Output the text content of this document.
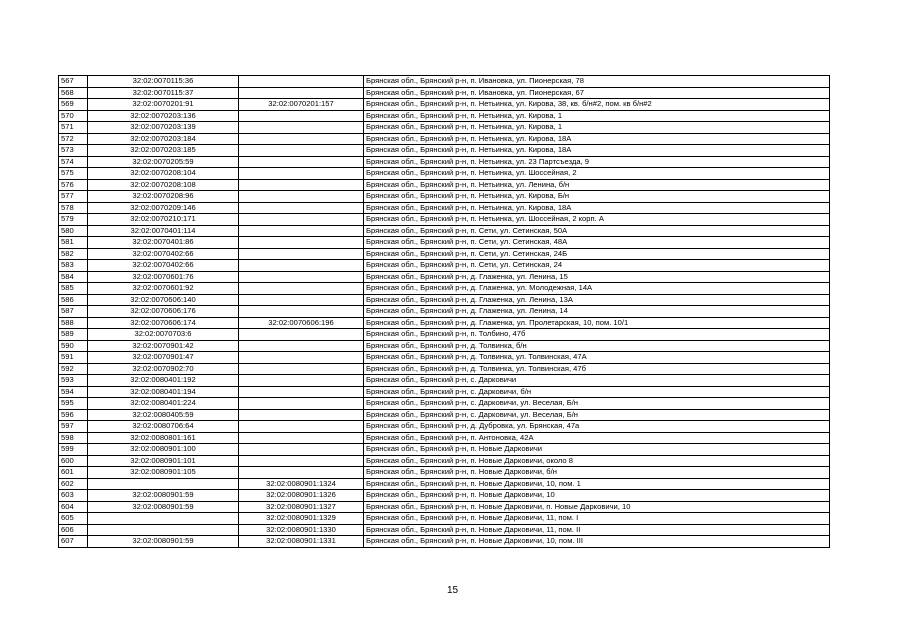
567	32:02:0070115:36		Брянская обл., Брянский р-н, п. Ивановка, ул. Пионерская, 78
568	32:02:0070115:37		Брянская обл., Брянский р-н, п. Ивановка, ул. Пионерская, 67
569	32:02:0070201:91	32:02:0070201:157	Брянская обл., Брянский р-н, п. Нетьинка, ул. Кирова, 38, кв. б/н#2, пом. кв б/н#2
570	32:02:0070203:136		Брянская обл., Брянский р-н, п. Нетьинка, ул. Кирова, 1
571	32:02:0070203:139		Брянская обл., Брянский р-н, п. Нетьинка, ул. Кирова, 1
572	32:02:0070203:184		Брянская обл., Брянский р-н, п. Нетьинка, ул. Кирова, 18А
573	32:02:0070203:185		Брянская обл., Брянский р-н, п. Нетьинка, ул. Кирова, 18А
574	32:02:0070205:59		Брянская обл., Брянский р-н, п. Нетьинка, ул. 23 Партсъезда, 9
575	32:02:0070208:104		Брянская обл., Брянский р-н, п. Нетьинка, ул. Шоссейная, 2
576	32:02:0070208:108		Брянская обл., Брянский р-н, п. Нетьинка, ул. Ленина, б/н
577	32:02:0070208:96		Брянская обл., Брянский р-н, п. Нетьинка, ул. Кирова, Б/н
578	32:02:0070209:146		Брянская обл., Брянский р-н, п. Нетьинка, ул. Кирова, 18А
579	32:02:0070210:171		Брянская обл., Брянский р-н, п. Нетьинка, ул. Шоссейная, 2 корп. А
580	32:02:0070401:114		Брянская обл., Брянский р-н, п. Сети, ул. Сетинская, 50А
581	32:02:0070401:86		Брянская обл., Брянский р-н, п. Сети, ул. Сетинская, 48А
582	32:02:0070402:66		Брянская обл., Брянский р-н, п. Сети, ул. Сетинская, 24Б
583	32:02:0070402:66		Брянская обл., Брянский р-н, п. Сети, ул. Сетинская, 24
584	32:02:0070601:76		Брянская обл., Брянский р-н, д. Глаженка, ул. Ленина, 15
585	32:02:0070601:92		Брянская обл., Брянский р-н, д. Глаженка, ул. Молодежная, 14А
586	32:02:0070606:140		Брянская обл., Брянский р-н, д. Глаженка, ул. Ленина, 13А
587	32:02:0070606:176		Брянская обл., Брянский р-н, д. Глаженка, ул. Ленина, 14
588	32:02:0070606:174	32:02:0070606:196	Брянская обл., Брянский р-н, д. Глаженка, ул. Пролетарская, 10, пом. 10/1
589	32:02:0070703:6		Брянская обл., Брянский р-н, п. Толбино, 47б
590	32:02:0070901:42		Брянская обл., Брянский р-н, д. Толвинка, б/н
591	32:02:0070901:47		Брянская обл., Брянский р-н, д. Толвинка, ул. Толвинская, 47А
592	32:02:0070902:70		Брянская обл., Брянский р-н, д. Толвинка, ул. Толвинская, 47б
593	32:02:0080401:192		Брянская обл., Брянский р-н, с. Дарковичи
594	32:02:0080401:194		Брянская обл., Брянский р-н, с. Дарковичи, б/н
595	32:02:0080401:224		Брянская обл., Брянский р-н, с. Дарковичи, ул. Веселая, Б/н
596	32:02:0080405:59		Брянская обл., Брянский р-н, с. Дарковичи, ул. Веселая, Б/н
597	32:02:0080706:64		Брянская обл., Брянский р-н, д. Дубровка, ул. Брянская, 47а
598	32:02:0080801:161		Брянская обл., Брянский р-н, п. Антоновка, 42А
599	32:02:0080901:100		Брянская обл., Брянский р-н, п. Новые Дарковичи
600	32:02:0080901:101		Брянская обл., Брянский р-н, п. Новые Дарковичи, около 8
601	32:02:0080901:105		Брянская обл., Брянский р-н, п. Новые Дарковичи, б/н
602		32:02:0080901:1324	Брянская обл., Брянский р-н, п. Новые Дарковичи, 10, пом. 1
603	32:02:0080901:59	32:02:0080901:1326	Брянская обл., Брянский р-н, п. Новые Дарковичи, 10
604	32:02:0080901:59	32:02:0080901:1327	Брянская обл., Брянский р-н, п. Новые Дарковичи, п. Новые Дарковичи, 10
605		32:02:0080901:1329	Брянская обл., Брянский р-н, п. Новые Дарковичи, 11, пом. I
606		32:02:0080901:1330	Брянская обл., Брянский р-н, п. Новые Дарковичи, 11, пом. II
607	32:02:0080901:59	32:02:0080901:1331	Брянская обл., Брянский р-н, п. Новые Дарковичи, 10, пом. III
15
